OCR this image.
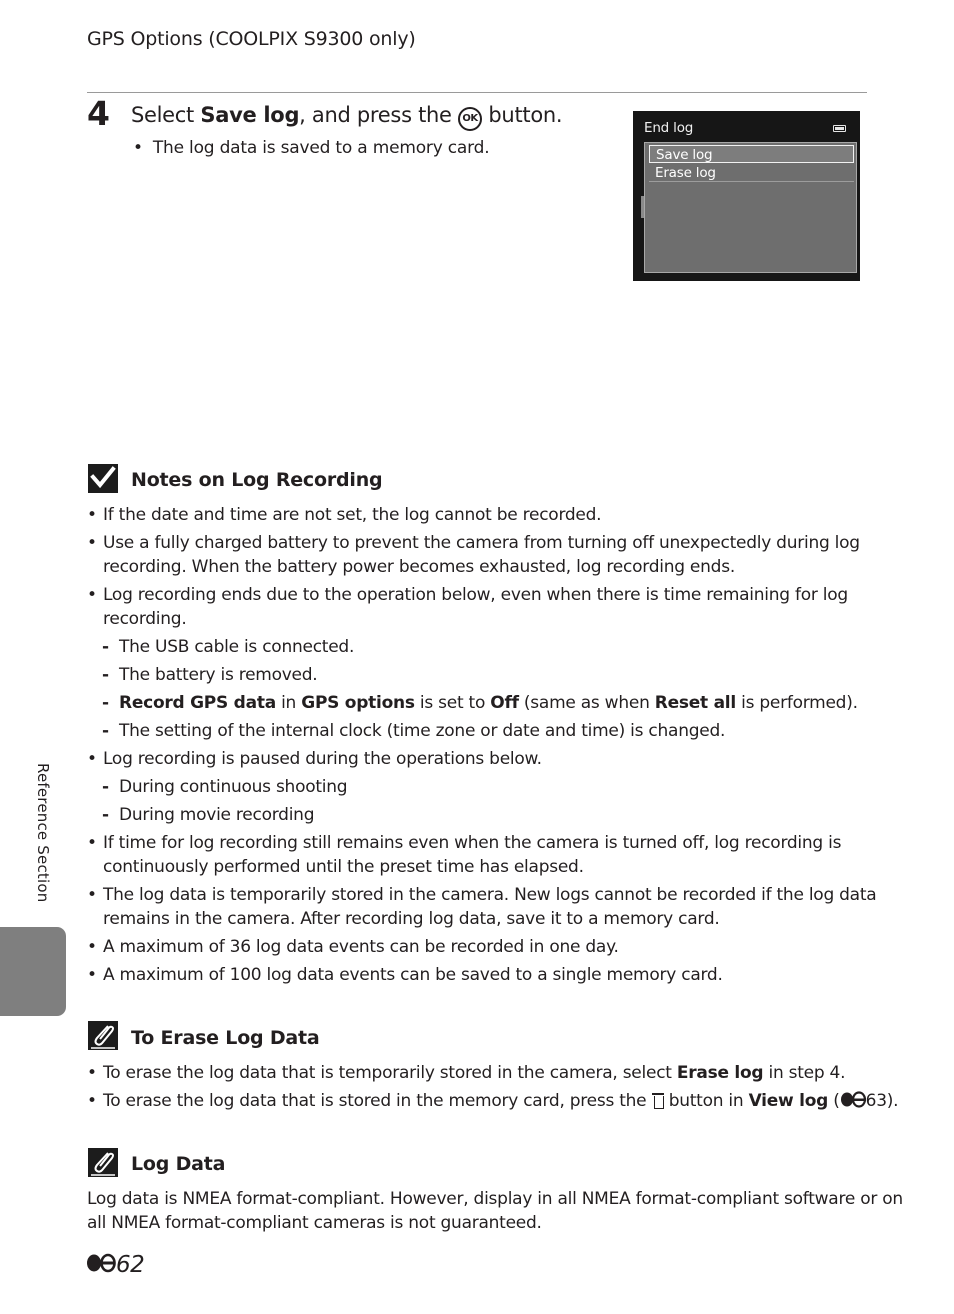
GPS Options (COOLPIX S9300 only)
4 Select Save log, and press the OK button.
• The log data is saved to a memory card.
End log
Save log
Erase log
Notes on Log Recording
• If the date and time are not set, the log cannot be recorded.
• Use a fully charged battery to prevent the camera from turning off unexpectedly during log
recording. When the battery power becomes exhausted, log recording ends.
• Log recording ends due to the operation below, even when there is time remaining for log
recording.
- The USB cable is connected.
- The battery is removed.
- Record GPS data in GPS options is set to Off (same as when Reset all is performed).
- The setting of the internal clock (time zone or date and time) is changed.
• Log recording is paused during the operations below.
- During continuous shooting
- During movie recording
• If time for log recording still remains even when the camera is turned off, log recording is
continuously performed until the preset time has elapsed.
• The log data is temporarily stored in the camera. New logs cannot be recorded if the log data
remains in the camera. After recording log data, save it to a memory card.
• A maximum of 36 log data events can be recorded in one day.
• A maximum of 100 log data events can be saved to a single memory card.
To Erase Log Data
• To erase the log data that is temporarily stored in the camera, select Erase log in step 4.
• To erase the log data that is stored in the memory card, press the  button in View log ( 63).
Log Data
Log data is NMEA format-compliant. However, display in all NMEA format-compliant software or on
all NMEA format-compliant cameras is not guaranteed.
Reference Section
62
